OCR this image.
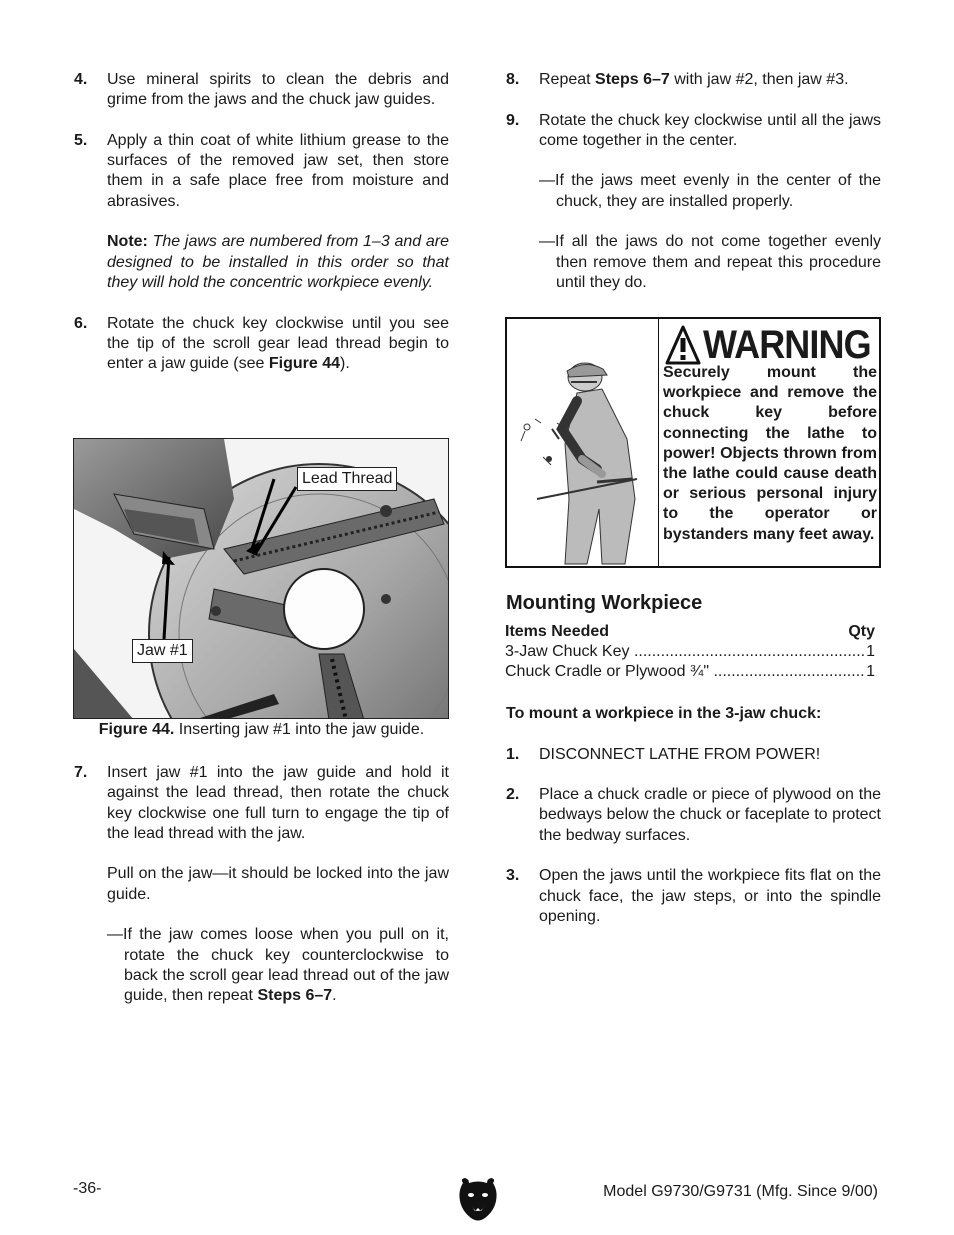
4. Use mineral spirits to clean the debris and grime from the jaws and the chuck jaw guides.

5. Apply a thin coat of white lithium grease to the surfaces of the removed jaw set, then store them in a safe place free from moisture and abrasives.

Note: The jaws are numbered from 1–3 and are designed to be installed in this order so that they will hold the concentric workpiece evenly.

6. Rotate the chuck key clockwise until you see the tip of the scroll gear lead thread begin to enter a jaw guide (see Figure 44).

Lead Thread
Jaw #1
Figure 44. Inserting jaw #1 into the jaw guide.

7. Insert jaw #1 into the jaw guide and hold it against the lead thread, then rotate the chuck key clockwise one full turn to engage the tip of the lead thread with the jaw.

Pull on the jaw—it should be locked into the jaw guide.

—If the jaw comes loose when you pull on it, rotate the chuck key counterclockwise to back the scroll gear lead thread out of the jaw guide, then repeat Steps 6–7.

8. Repeat Steps 6–7 with jaw #2, then jaw #3.

9. Rotate the chuck key clockwise until all the jaws come together in the center.

—If the jaws meet evenly in the center of the chuck, they are installed properly.

—If all the jaws do not come together evenly then remove them and repeat this procedure until they do.

WARNING
Securely mount the workpiece and remove the chuck key before connecting the lathe to power! Objects thrown from the lathe could cause death or serious personal injury to the operator or bystanders many feet away.
Mounting Workpiece
Items Needed	Qty
3-Jaw Chuck Key .....	1
Chuck Cradle or Plywood ¾" .....	1

To mount a workpiece in the 3-jaw chuck:

1. DISCONNECT LATHE FROM POWER!

2. Place a chuck cradle or piece of plywood on the bedways below the chuck or faceplate to protect the bedway surfaces.

3. Open the jaws until the workpiece fits flat on the chuck face, the jaw steps, or into the spindle opening.

-36-	Model G9730/G9731 (Mfg. Since 9/00)
